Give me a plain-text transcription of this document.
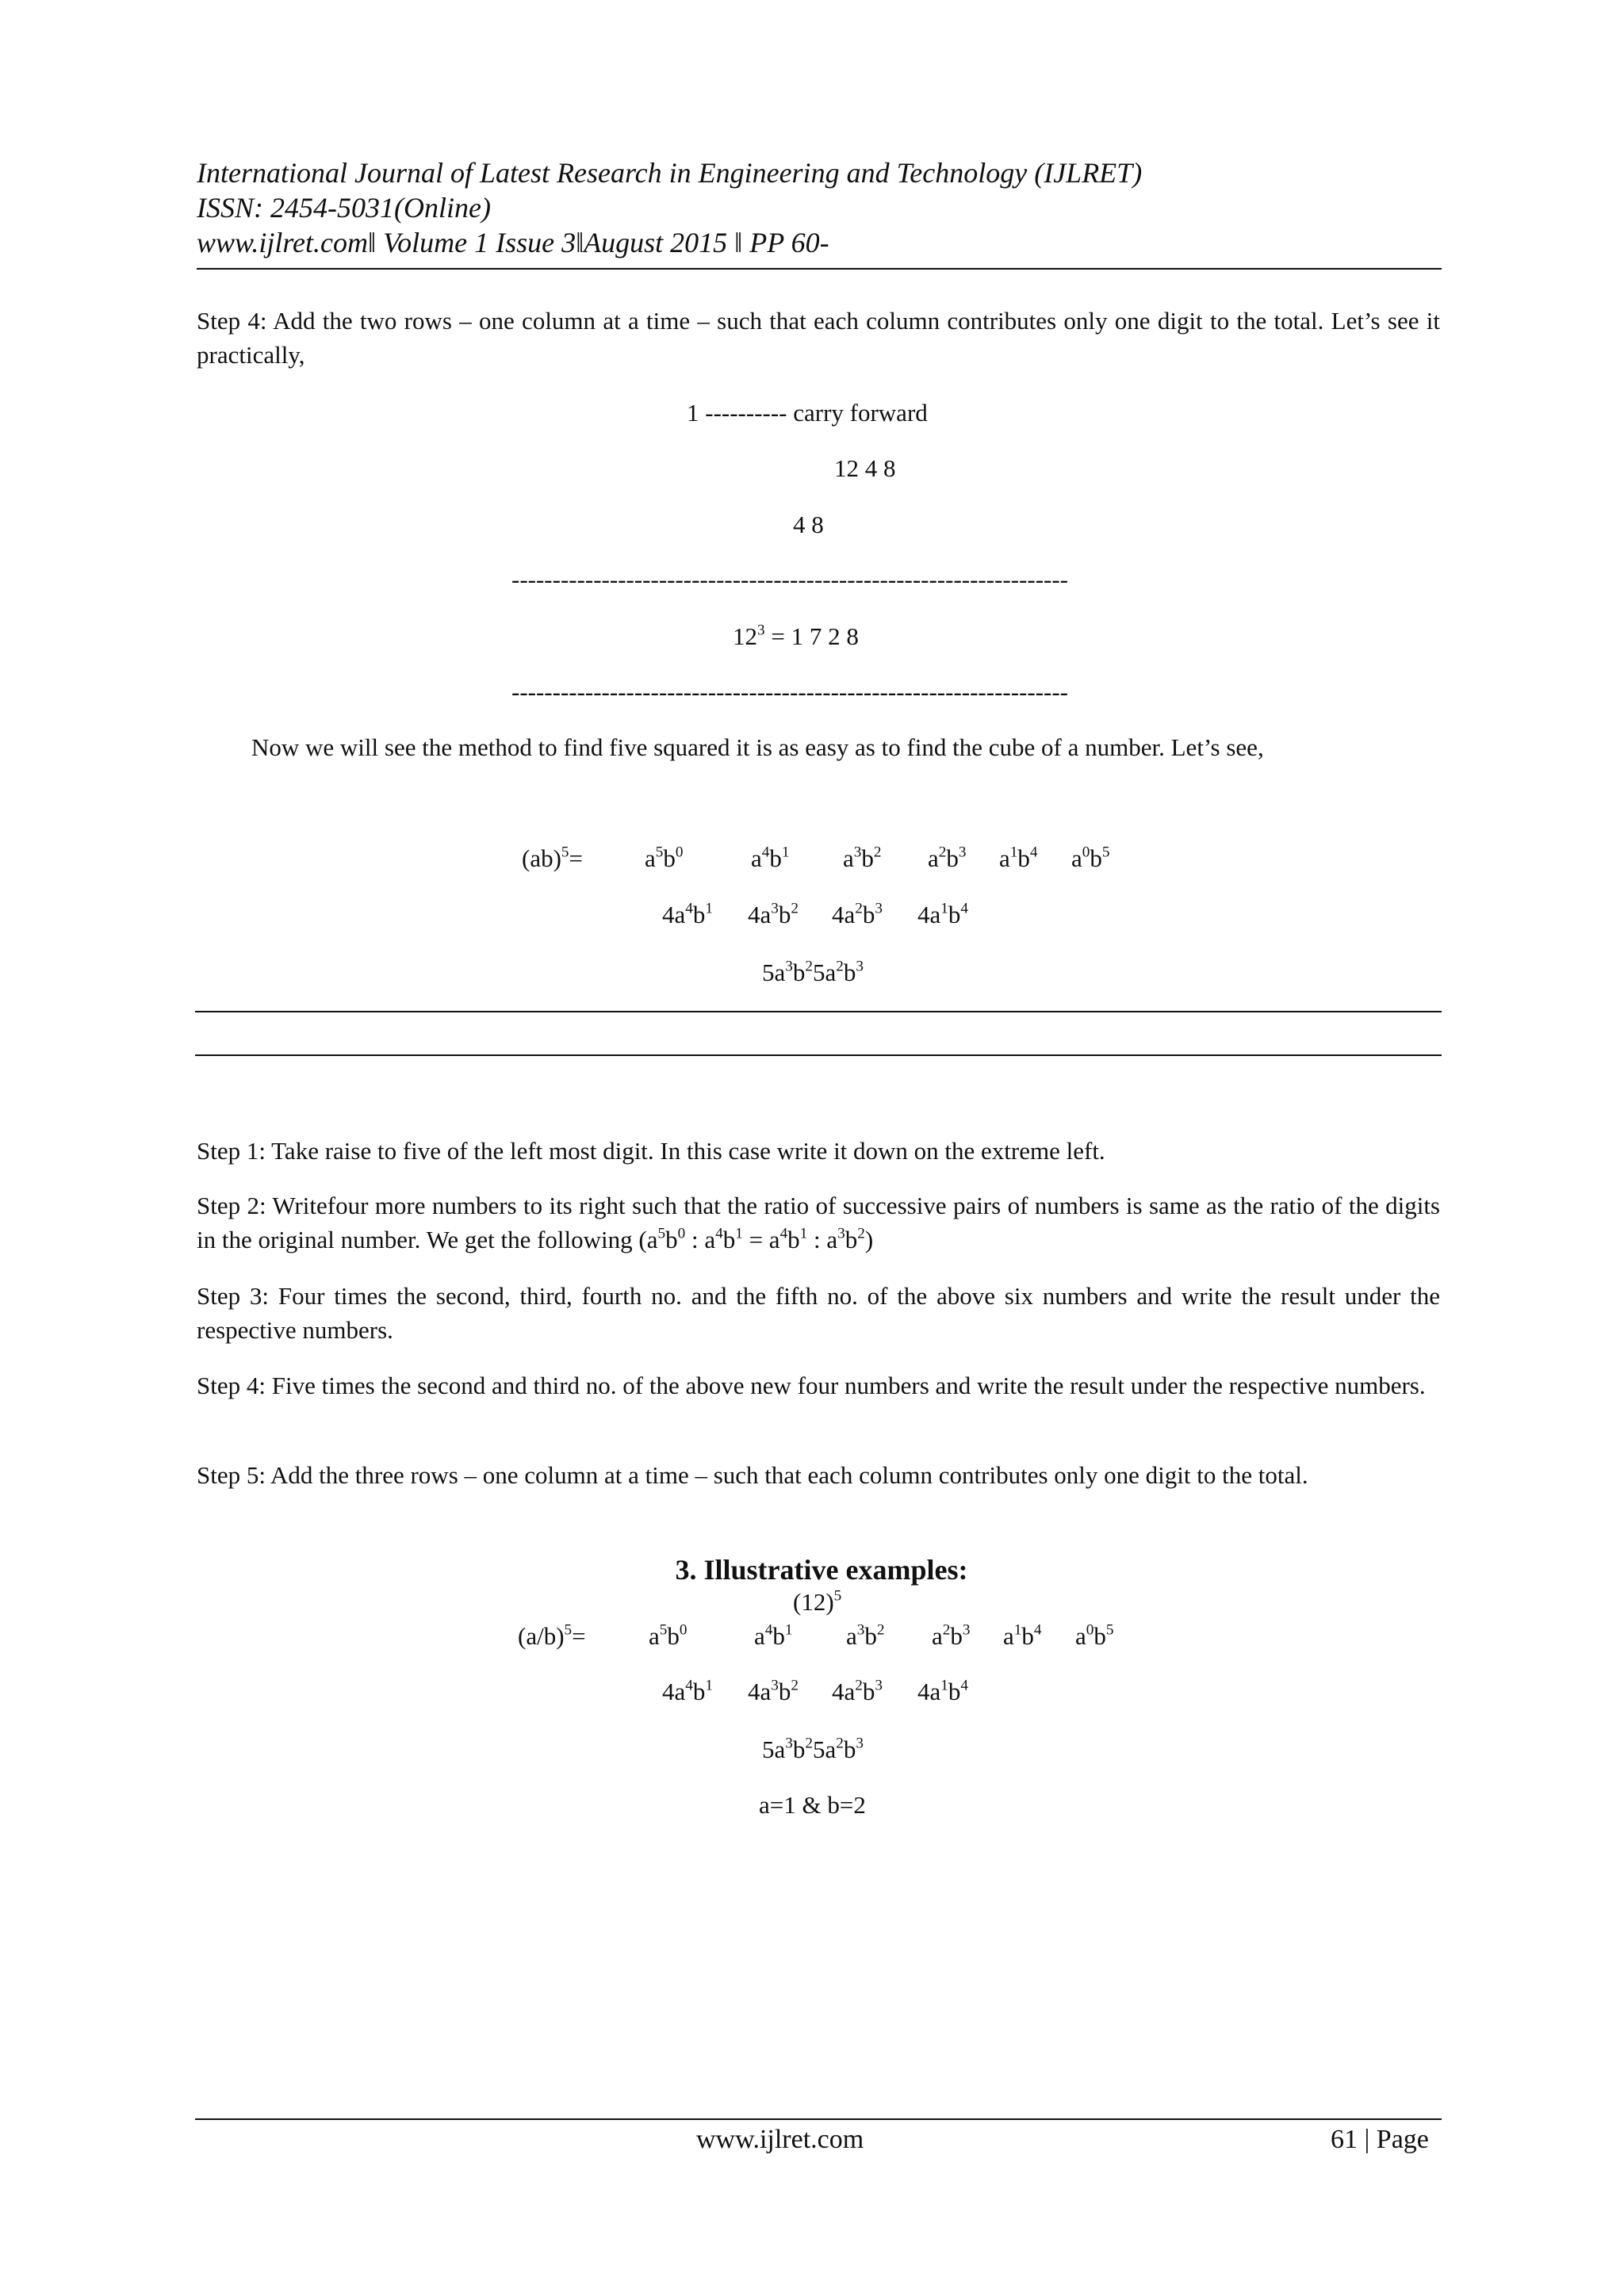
International Journal of Latest Research in Engineering and Technology (IJLRET)
ISSN: 2454-5031(Online)
www.ijlret.com‖ Volume 1 Issue 3‖August 2015 ‖ PP 60-
Step 4: Add the two rows – one column at a time – such that each column contributes only one digit to the total. Let’s see it practically,
1 ---------- carry forward
12 4 8
4 8
--------------------------------------------------------------------
$12^3 = 1$ 7 2 8
--------------------------------------------------------------------
Now we will see the method to find five squared it is as easy as to find the cube of a number. Let’s see,
(ab)$^5$=	$a^5b^0$	$a^4b^1$ $a^3b^2$ $a^2b^3$ $a^1b^4$ $a^0b^5$
$4a^4b^1$ $4a^3b^2$ $4a^2b^3$ $4a^1b^4$
$5a^3b^25a^2b^3$
Step 1: Take raise to five of the left most digit. In this case write it down on the extreme left.
Step 2: Writefour more numbers to its right such that the ratio of successive pairs of numbers is same as the ratio of the digits in the original number. We get the following ($a^5b^0$ : $a^4b^1 = a^4b^1$ : $a^3b^2$)
Step 3: Four times the second, third, fourth no. and the fifth no. of the above six numbers and write the result under the respective numbers.
Step 4: Five times the second and third no. of the above new four numbers and write the result under the respective numbers.
Step 5: Add the three rows – one column at a time – such that each column contributes only one digit to the total.
3. Illustrative examples:
$(12)^5$
$(a/b)^5=$	$a^5b^0$	$a^4b^1$ $a^3b^2$ $a^2b^3$ $a^1b^4$ $a^0b^5$
$4a^4b^1$ $4a^3b^2$ $4a^2b^3$ $4a^1b^4$
$5a^3b^25a^2b^3$
a=1 & b=2
www.ijlret.com	61 | Page
